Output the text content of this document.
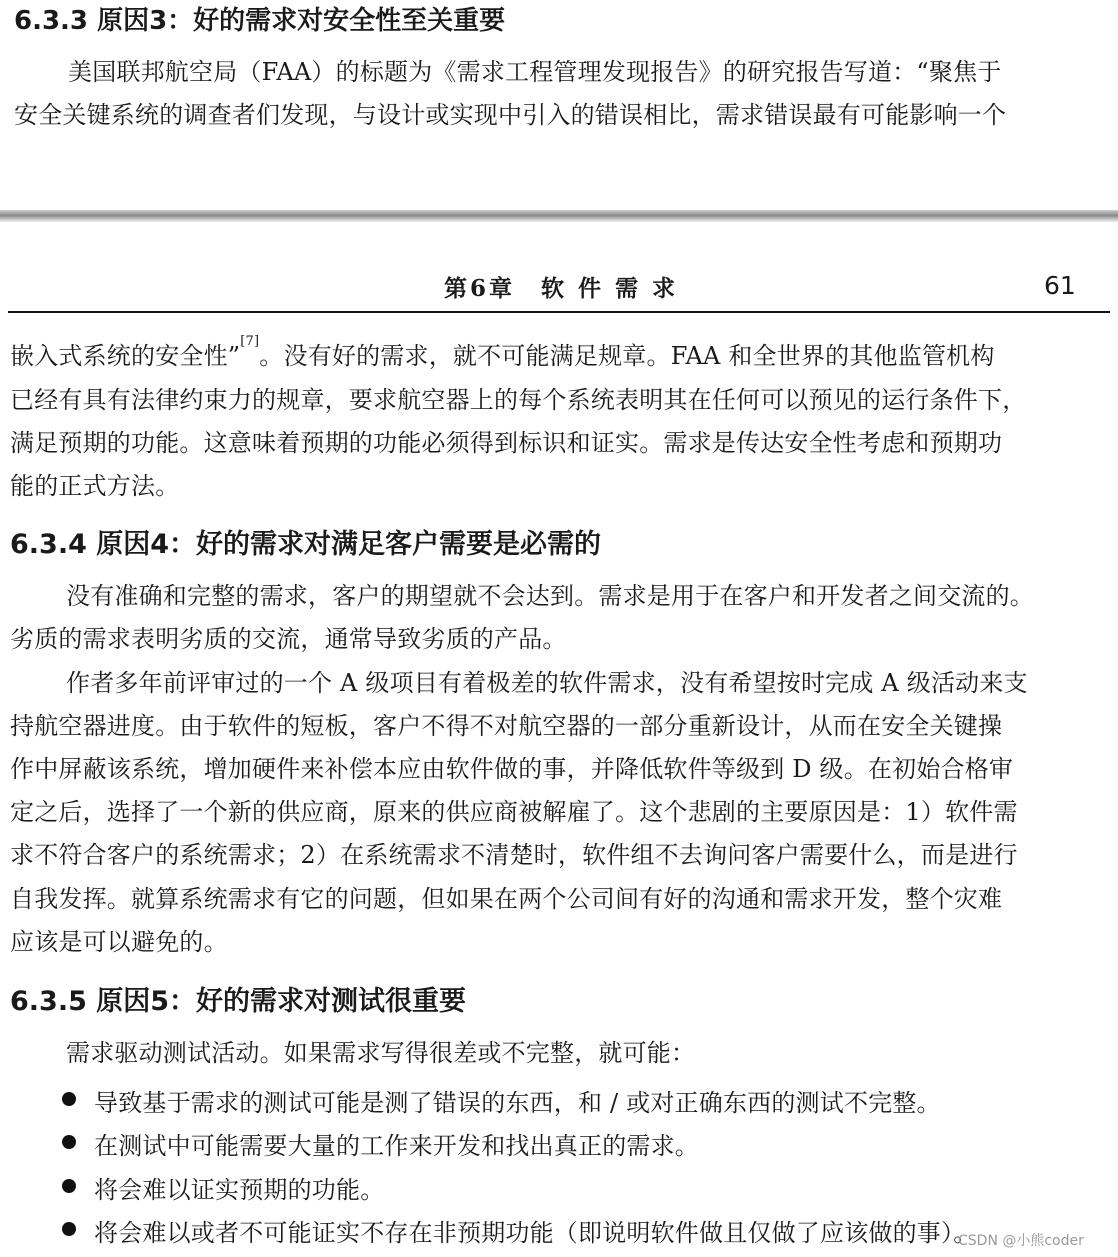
6.3.3 原因3：好的需求对安全性至关重要
美国联邦航空局（FAA）的标题为《需求工程管理发现报告》的研究报告写道：“聚焦于
安全关键系统的调查者们发现，与设计或实现中引入的错误相比，需求错误最有可能影响一个
第6章　软 件 需 求	61
嵌入式系统的安全性”[7]。没有好的需求，就不可能满足规章。FAA 和全世界的其他监管机构
已经有具有法律约束力的规章，要求航空器上的每个系统表明其在任何可以预见的运行条件下，
满足预期的功能。这意味着预期的功能必须得到标识和证实。需求是传达安全性考虑和预期功
能的正式方法。
6.3.4 原因4：好的需求对满足客户需要是必需的
没有准确和完整的需求，客户的期望就不会达到。需求是用于在客户和开发者之间交流的。
劣质的需求表明劣质的交流，通常导致劣质的产品。
作者多年前评审过的一个 A 级项目有着极差的软件需求，没有希望按时完成 A 级活动来支
持航空器进度。由于软件的短板，客户不得不对航空器的一部分重新设计，从而在安全关键操
作中屏蔽该系统，增加硬件来补偿本应由软件做的事，并降低软件等级到 D 级。在初始合格审
定之后，选择了一个新的供应商，原来的供应商被解雇了。这个悲剧的主要原因是：1）软件需
求不符合客户的系统需求；2）在系统需求不清楚时，软件组不去询问客户需要什么，而是进行
自我发挥。就算系统需求有它的问题，但如果在两个公司间有好的沟通和需求开发，整个灾难
应该是可以避免的。
6.3.5 原因5：好的需求对测试很重要
需求驱动测试活动。如果需求写得很差或不完整，就可能：
导致基于需求的测试可能是测了错误的东西，和 / 或对正确东西的测试不完整。
在测试中可能需要大量的工作来开发和找出真正的需求。
将会难以证实预期的功能。
将会难以或者不可能证实不存在非预期功能（即说明软件做且仅做了应该做的事）。
CSDN @小熊coder
